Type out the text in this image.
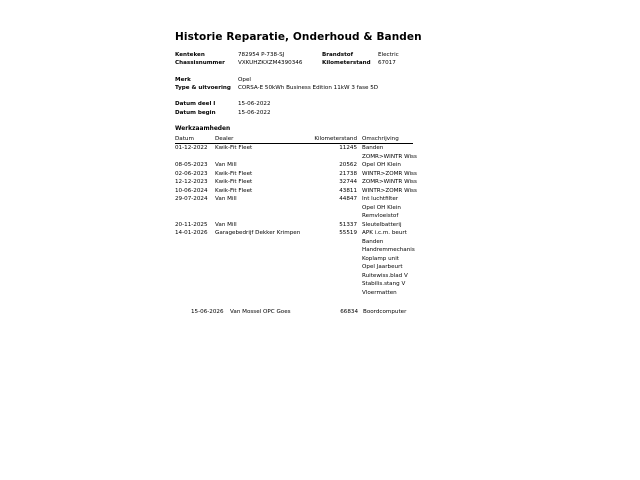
Historie Reparatie, Onderhoud & Banden
Kenteken	782954 P-738-SJ	Brandstof	Electric
Chassisnummer VXKUHZKXZM4390346	Kilometerstand 67017
Merk	Opel
Type & uitvoering CORSA-E 50kWh Business Edition 11kW 3 fase 5D
Datum deel I	15-06-2022
Datum begin	15-06-2022
Werkzaamheden
Datum	Dealer	Kilometerstand Omschrijving
01-12-2022 Kwik-Fit Fleet	11245 Banden
ZOMR>WINTR Wiss
08-05-2023 Van Mill	20562 Opel OH Klein
02-06-2023 Kwik-Fit Fleet	21738 WINTR>ZOMR Wiss
12-12-2023 Kwik-Fit Fleet	32744 ZOMR>WINTR Wiss
10-06-2024 Kwik-Fit Fleet	43811 WINTR>ZOMR Wiss
29-07-2024 Van Mill	44847 Int luchtfilter
Opel OH Klein
Remvloeistof
20-11-2025 Van Mill	51337 Sleutelbatterij
14-01-2026 Garagebedrijf Dekker Krimpen	55519 APK i.c.m. beurt
Banden
Handremmechanis
Koplamp unit
Opel Jaarbeurt
Ruitewiss.blad V
Stabilis.stang V
Vloermatten
15-06-2026 Van Mossel OPC Goes	66834 Boordcomputer
